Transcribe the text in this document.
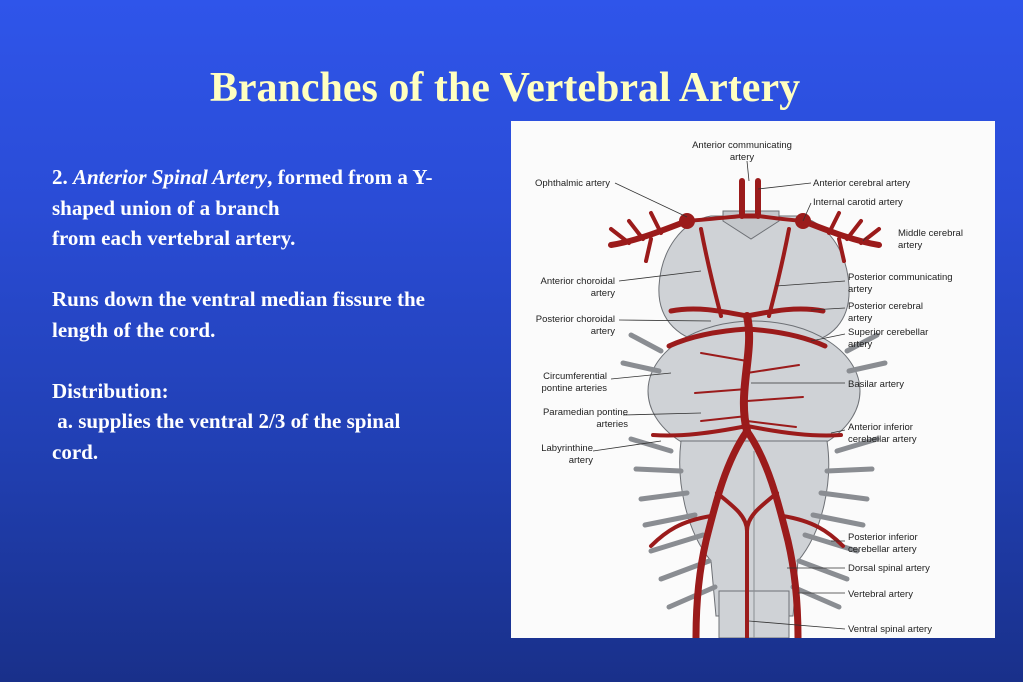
Branches of the Vertebral Artery

2. Anterior Spinal Artery, formed from a Y-

shaped union of a branch

from each vertebral artery.

Runs down the ventral median fissure the

length of the cord.

Distribution:

a. supplies the ventral 2/3 of the spinal

cord.

Ophthalmic artery
Anterior choroidal
artery
Posterior choroidal
artery
Circumferential
pontine arteries
Paramedian pontine
arteries
Labyrinthine
artery
Anterior communicating
artery
Anterior cerebral artery
Internal carotid artery
Middle cerebral
artery
Posterior communicating
artery
Posterior cerebral
artery
Superior cerebellar
artery
Basilar artery
Anterior inferior
cerebellar artery
Posterior inferior
cerebellar artery
Dorsal spinal artery
Vertebral artery
Ventral spinal artery
